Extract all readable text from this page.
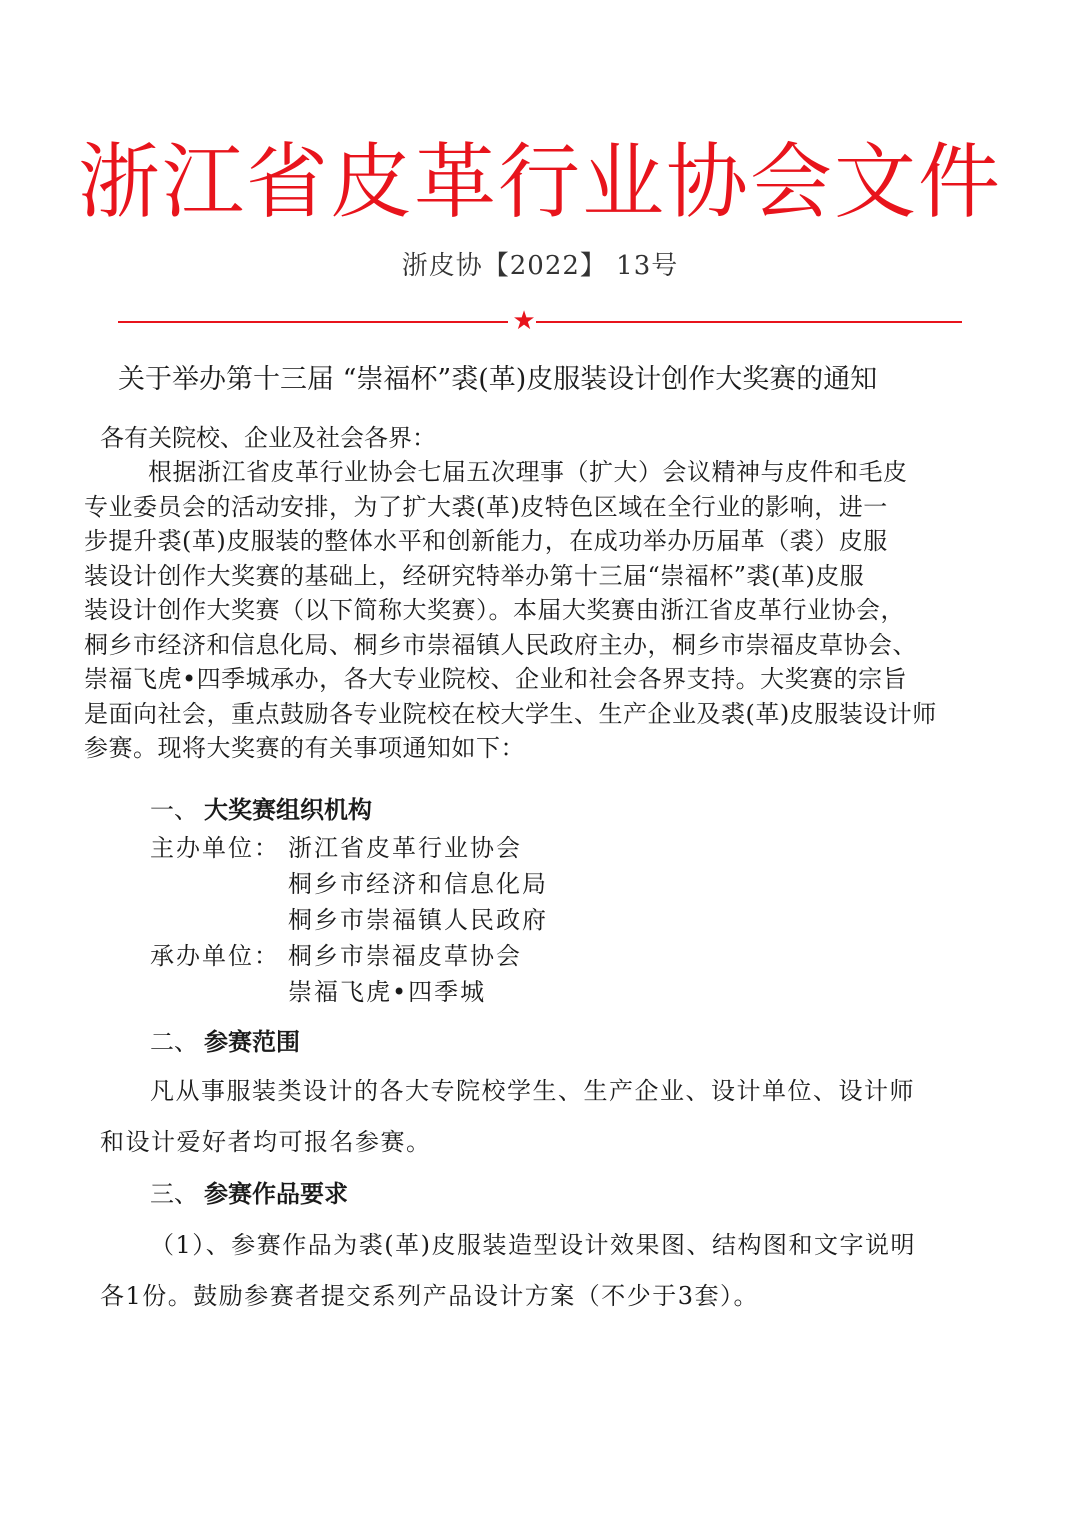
浙江省皮革行业协会文件
浙皮协【2022】 13号
★
关于举办第十三届 “崇福杯”裘(革)皮服装设计创作大奖赛的通知
各有关院校、企业及社会各界：
根据浙江省皮革行业协会七届五次理事（扩大）会议精神与皮件和毛皮
专业委员会的活动安排，为了扩大裘(革)皮特色区域在全行业的影响，进一
步提升裘(革)皮服装的整体水平和创新能力，在成功举办历届革（裘）皮服
装设计创作大奖赛的基础上，经研究特举办第十三届“崇福杯”裘(革)皮服
装设计创作大奖赛（以下简称大奖赛）。本届大奖赛由浙江省皮革行业协会，
桐乡市经济和信息化局、桐乡市崇福镇人民政府主办，桐乡市崇福皮草协会、
崇福飞虎•四季城承办，各大专业院校、企业和社会各界支持。大奖赛的宗旨
是面向社会，重点鼓励各专业院校在校大学生、生产企业及裘(革)皮服装设计师
参赛。现将大奖赛的有关事项通知如下：
一、 大奖赛组织机构
主办单位： 浙江省皮革行业协会
桐乡市经济和信息化局
桐乡市崇福镇人民政府
承办单位： 桐乡市崇福皮草协会
崇福飞虎•四季城
二、 参赛范围
凡从事服装类设计的各大专院校学生、生产企业、设计单位、设计师
和设计爱好者均可报名参赛。
三、 参赛作品要求
（1）、参赛作品为裘(革)皮服装造型设计效果图、结构图和文字说明
各1份。鼓励参赛者提交系列产品设计方案（不少于3套）。
